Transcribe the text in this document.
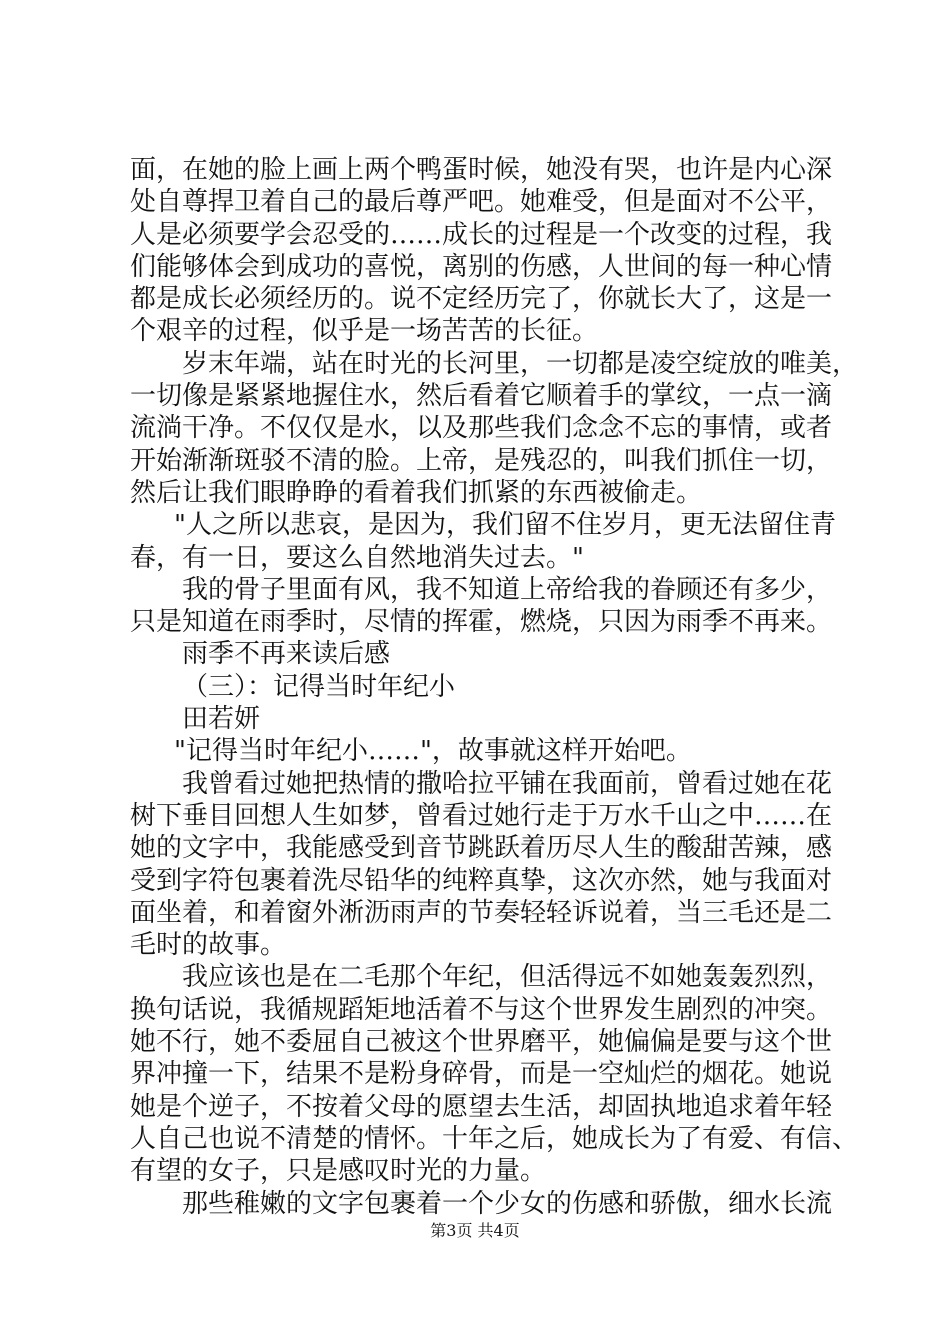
面，在她的脸上画上两个鸭蛋时候，她没有哭，也许是内心深
处自尊捍卫着自己的最后尊严吧。她难受，但是面对不公平，
人是必须要学会忍受的……成长的过程是一个改变的过程，我
们能够体会到成功的喜悦，离别的伤感，人世间的每一种心情
都是成长必须经历的。说不定经历完了，你就长大了，这是一
个艰辛的过程，似乎是一场苦苦的长征。
岁末年端，站在时光的长河里，一切都是凌空绽放的唯美，
一切像是紧紧地握住水，然后看着它顺着手的掌纹，一点一滴
流淌干净。不仅仅是水，以及那些我们念念不忘的事情，或者
开始渐渐斑驳不清的脸。上帝，是残忍的，叫我们抓住一切，
然后让我们眼睁睁的看着我们抓紧的东西被偷走。
"人之所以悲哀，是因为，我们留不住岁月，更无法留住青
春，有一日，要这么自然地消失过去。"
我的骨子里面有风，我不知道上帝给我的眷顾还有多少，
只是知道在雨季时，尽情的挥霍，燃烧，只因为雨季不再来。
雨季不再来读后感
（三）：记得当时年纪小
田若妍
"记得当时年纪小……"，故事就这样开始吧。
我曾看过她把热情的撒哈拉平铺在我面前，曾看过她在花
树下垂目回想人生如梦，曾看过她行走于万水千山之中……在
她的文字中，我能感受到音节跳跃着历尽人生的酸甜苦辣，感
受到字符包裹着洗尽铅华的纯粹真挚，这次亦然，她与我面对
面坐着，和着窗外淅沥雨声的节奏轻轻诉说着，当三毛还是二
毛时的故事。
我应该也是在二毛那个年纪，但活得远不如她轰轰烈烈，
换句话说，我循规蹈矩地活着不与这个世界发生剧烈的冲突。
她不行，她不委屈自己被这个世界磨平，她偏偏是要与这个世
界冲撞一下，结果不是粉身碎骨，而是一空灿烂的烟花。她说
她是个逆子，不按着父母的愿望去生活，却固执地追求着年轻
人自己也说不清楚的情怀。十年之后，她成长为了有爱、有信、
有望的女子，只是感叹时光的力量。
那些稚嫩的文字包裹着一个少女的伤感和骄傲，细水长流
第3页 共4页
